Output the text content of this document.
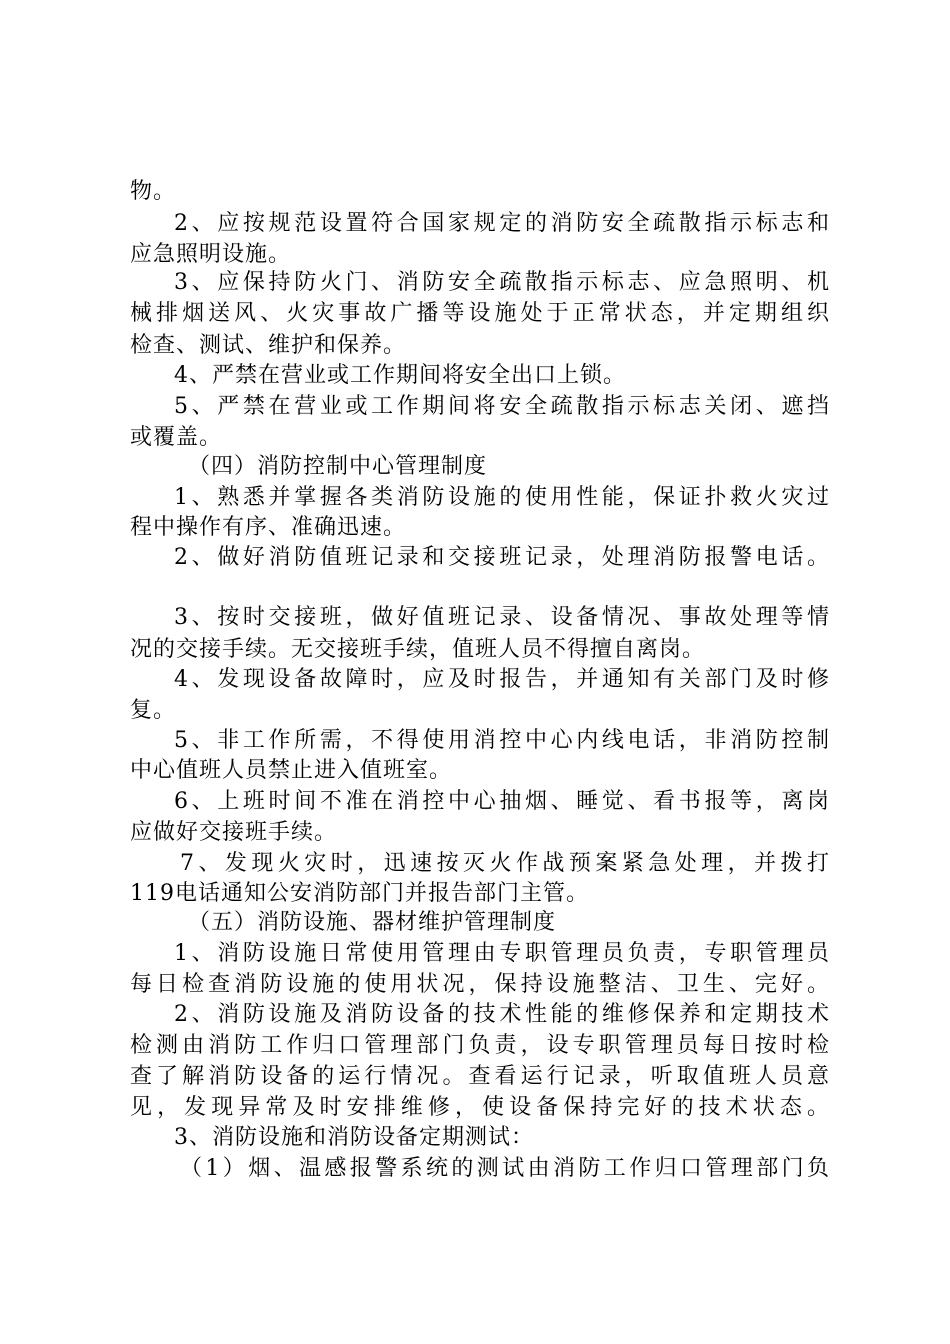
物。
2、应按规范设置符合国家规定的消防安全疏散指示标志和
应急照明设施。
3、应保持防火门、消防安全疏散指示标志、应急照明、机
械排烟送风、火灾事故广播等设施处于正常状态，并定期组织
检查、测试、维护和保养。
4、严禁在营业或工作期间将安全出口上锁。
5、严禁在营业或工作期间将安全疏散指示标志关闭、遮挡
或覆盖。
（四）消防控制中心管理制度
1、熟悉并掌握各类消防设施的使用性能，保证扑救火灾过
程中操作有序、准确迅速。
2、做好消防值班记录和交接班记录，处理消防报警电话。
3、按时交接班，做好值班记录、设备情况、事故处理等情
况的交接手续。无交接班手续，值班人员不得擅自离岗。
4、发现设备故障时，应及时报告，并通知有关部门及时修
复。
5、非工作所需，不得使用消控中心内线电话，非消防控制
中心值班人员禁止进入值班室。
6、上班时间不准在消控中心抽烟、睡觉、看书报等，离岗
应做好交接班手续。
7、发现火灾时，迅速按灭火作战预案紧急处理，并拨打
119电话通知公安消防部门并报告部门主管。
（五）消防设施、器材维护管理制度
1、消防设施日常使用管理由专职管理员负责，专职管理员
每日检查消防设施的使用状况，保持设施整洁、卫生、完好。
2、消防设施及消防设备的技术性能的维修保养和定期技术
检测由消防工作归口管理部门负责，设专职管理员每日按时检
查了解消防设备的运行情况。查看运行记录，听取值班人员意
见，发现异常及时安排维修，使设备保持完好的技术状态。
3、消防设施和消防设备定期测试：
（1）烟、温感报警系统的测试由消防工作归口管理部门负
